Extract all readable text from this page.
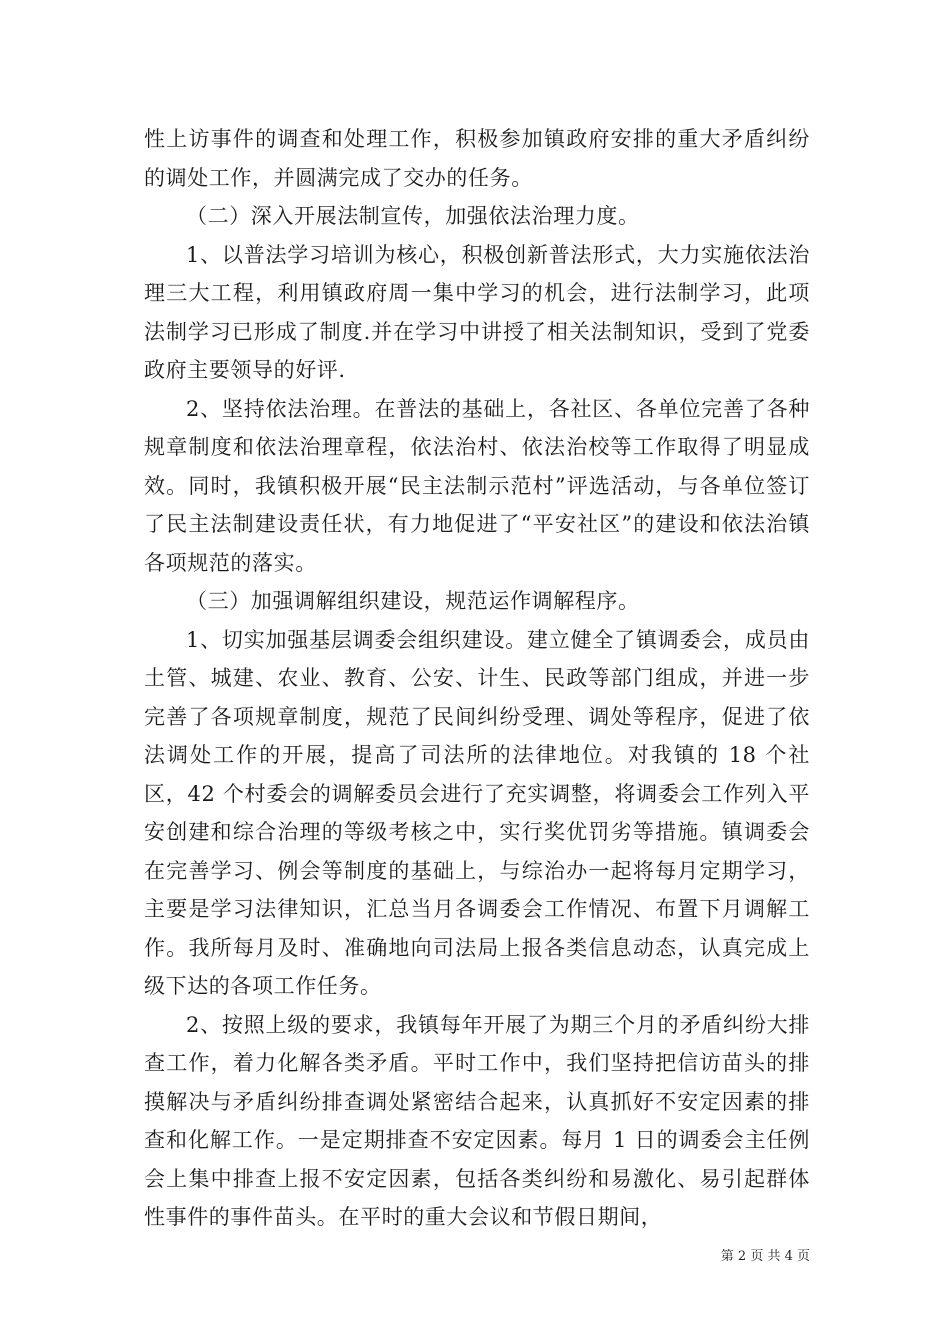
性上访事件的调查和处理工作，积极参加镇政府安排的重大矛盾纠纷的调处工作，并圆满完成了交办的任务。

（二）深入开展法制宣传，加强依法治理力度。

1、以普法学习培训为核心，积极创新普法形式，大力实施依法治理三大工程，利用镇政府周一集中学习的机会，进行法制学习，此项法制学习已形成了制度.并在学习中讲授了相关法制知识，受到了党委政府主要领导的好评.

2、坚持依法治理。在普法的基础上，各社区、各单位完善了各种规章制度和依法治理章程，依法治村、依法治校等工作取得了明显成效。同时，我镇积极开展“民主法制示范村”评选活动，与各单位签订了民主法制建设责任状，有力地促进了“平安社区”的建设和依法治镇各项规范的落实。

（三）加强调解组织建设，规范运作调解程序。

1、切实加强基层调委会组织建设。建立健全了镇调委会，成员由土管、城建、农业、教育、公安、计生、民政等部门组成，并进一步完善了各项规章制度，规范了民间纠纷受理、调处等程序，促进了依法调处工作的开展，提高了司法所的法律地位。对我镇的 18 个社区，42 个村委会的调解委员会进行了充实调整，将调委会工作列入平安创建和综合治理的等级考核之中，实行奖优罚劣等措施。镇调委会在完善学习、例会等制度的基础上，与综治办一起将每月定期学习，主要是学习法律知识，汇总当月各调委会工作情况、布置下月调解工作。我所每月及时、准确地向司法局上报各类信息动态，认真完成上级下达的各项工作任务。

2、按照上级的要求，我镇每年开展了为期三个月的矛盾纠纷大排查工作，着力化解各类矛盾。平时工作中，我们坚持把信访苗头的排摸解决与矛盾纠纷排查调处紧密结合起来，认真抓好不安定因素的排查和化解工作。一是定期排查不安定因素。每月 1 日的调委会主任例会上集中排查上报不安定因素，包括各类纠纷和易激化、易引起群体性事件的事件苗头。在平时的重大会议和节假日期间，

第 2 页 共 4 页
